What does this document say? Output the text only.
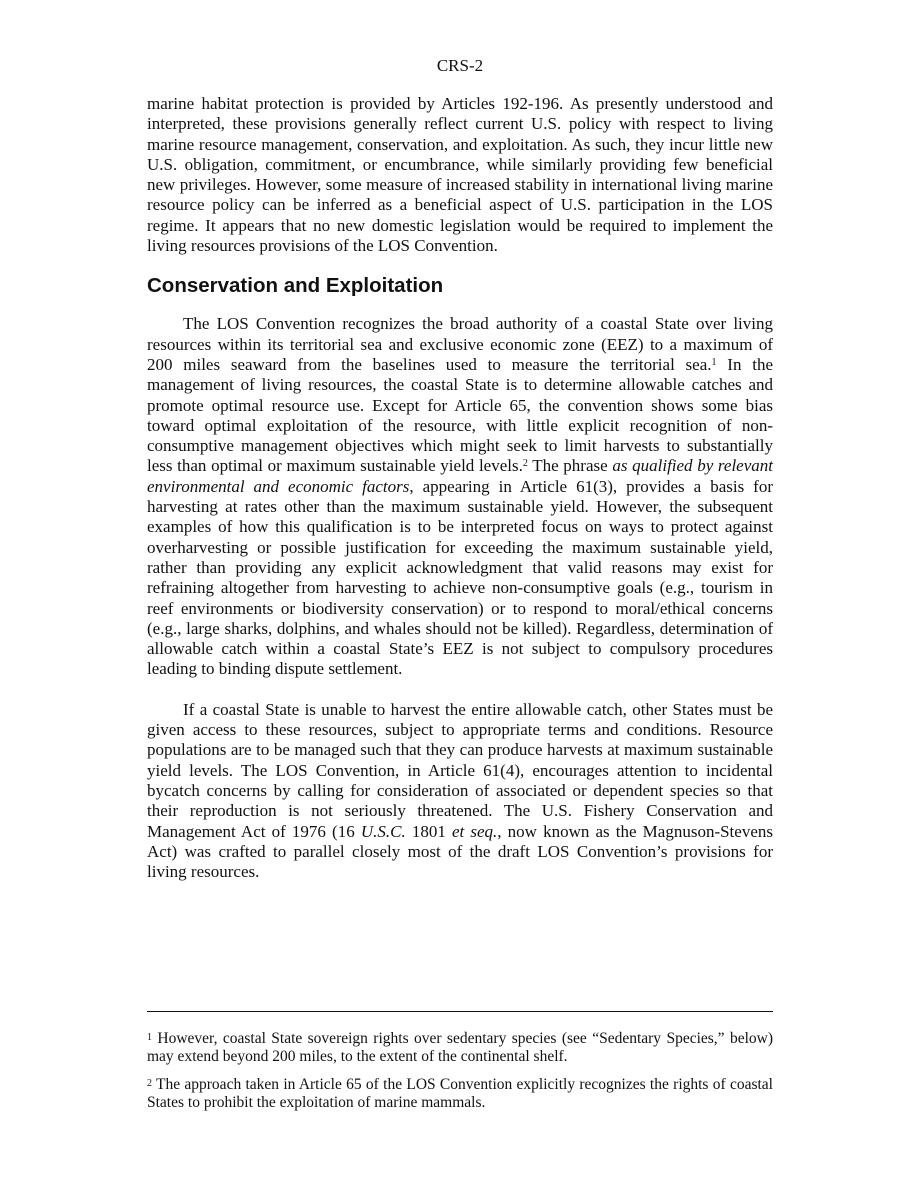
CRS-2

marine habitat protection is provided by Articles 192-196. As presently understood and interpreted, these provisions generally reflect current U.S. policy with respect to living marine resource management, conservation, and exploitation. As such, they incur little new U.S. obligation, commitment, or encumbrance, while similarly providing few beneficial new privileges. However, some measure of increased stability in international living marine resource policy can be inferred as a beneficial aspect of U.S. participation in the LOS regime. It appears that no new domestic legislation would be required to implement the living resources provisions of the LOS Convention.

Conservation and Exploitation

The LOS Convention recognizes the broad authority of a coastal State over living resources within its territorial sea and exclusive economic zone (EEZ) to a maximum of 200 miles seaward from the baselines used to measure the territorial sea.$^1$ In the management of living resources, the coastal State is to determine allowable catches and promote optimal resource use. Except for Article 65, the convention shows some bias toward optimal exploitation of the resource, with little explicit recognition of non-consumptive management objectives which might seek to limit harvests to substantially less than optimal or maximum sustainable yield levels.$^2$ The phrase as qualified by relevant environmental and economic factors, appearing in Article 61(3), provides a basis for harvesting at rates other than the maximum sustainable yield. However, the subsequent examples of how this qualification is to be interpreted focus on ways to protect against overharvesting or possible justification for exceeding the maximum sustainable yield, rather than providing any explicit acknowledgment that valid reasons may exist for refraining altogether from harvesting to achieve non-consumptive goals (e.g., tourism in reef environments or biodiversity conservation) or to respond to moral/ethical concerns (e.g., large sharks, dolphins, and whales should not be killed). Regardless, determination of allowable catch within a coastal State’s EEZ is not subject to compulsory procedures leading to binding dispute settlement.

If a coastal State is unable to harvest the entire allowable catch, other States must be given access to these resources, subject to appropriate terms and conditions. Resource populations are to be managed such that they can produce harvests at maximum sustainable yield levels. The LOS Convention, in Article 61(4), encourages attention to incidental bycatch concerns by calling for consideration of associated or dependent species so that their reproduction is not seriously threatened. The U.S. Fishery Conservation and Management Act of 1976 (16 U.S.C. 1801 et seq., now known as the Magnuson-Stevens Act) was crafted to parallel closely most of the draft LOS Convention’s provisions for living resources.

$^1$ However, coastal State sovereign rights over sedentary species (see “Sedentary Species,” below) may extend beyond 200 miles, to the extent of the continental shelf.

$^2$ The approach taken in Article 65 of the LOS Convention explicitly recognizes the rights of coastal States to prohibit the exploitation of marine mammals.
